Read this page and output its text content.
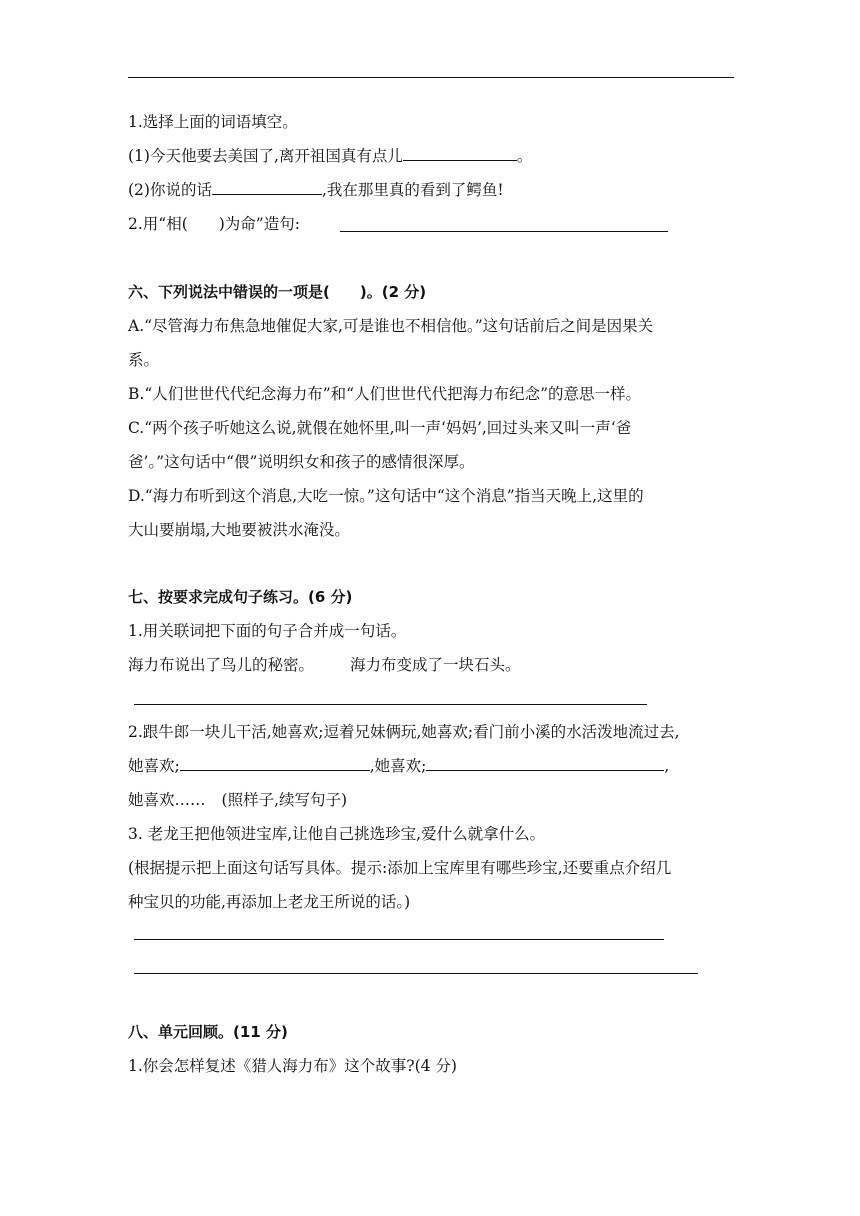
1.选择上面的词语填空。
(1)今天他要去美国了,离开祖国真有点儿	。
(2)你说的话	,我在那里真的看到了鳄鱼!
2.用“相(　　)为命”造句:
六、下列说法中错误的一项是(　　)。(2 分)
A.“尽管海力布焦急地催促大家,可是谁也不相信他。”这句话前后之间是因果关
系。
B.“人们世世代代纪念海力布”和“人们世世代代把海力布纪念”的意思一样。
C.“两个孩子听她这么说,就偎在她怀里,叫一声‘妈妈’,回过头来又叫一声‘爸
爸’。”这句话中“偎”说明织女和孩子的感情很深厚。
D.“海力布听到这个消息,大吃一惊。”这句话中“这个消息”指当天晚上,这里的
大山要崩塌,大地要被洪水淹没。
七、按要求完成句子练习。(6 分)
1.用关联词把下面的句子合并成一句话。
海力布说出了鸟儿的秘密。 海力布变成了一块石头。
2.跟牛郎一块儿干活,她喜欢;逗着兄妹俩玩,她喜欢;看门前小溪的水活泼地流过去,
她喜欢;	,她喜欢;	,
她喜欢…… (照样子,续写句子)
3. 老龙王把他领进宝库,让他自己挑选珍宝,爱什么就拿什么。
(根据提示把上面这句话写具体。提示:添加上宝库里有哪些珍宝,还要重点介绍几
种宝贝的功能,再添加上老龙王所说的话。)
八、单元回顾。(11 分)
1.你会怎样复述《猎人海力布》这个故事?(4 分)
